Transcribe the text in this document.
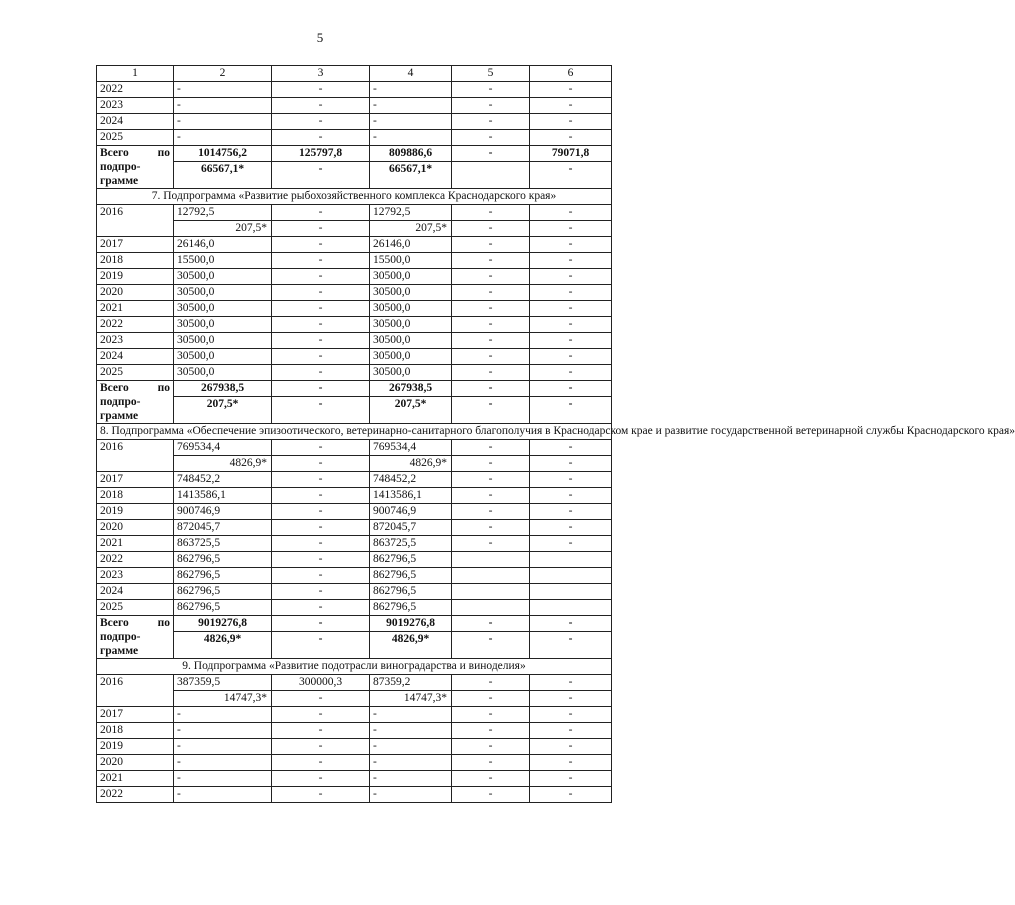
5
1	2	3	4	5	6
2022	-	-	-	-	-
2023	-	-	-	-	-
2024	-	-	-	-	-
2025	-	-	-	-	-

Всего по
подпро-
грамме	1014756,2	125797,8	809886,6	-	79071,8
	66567,1*	-	66567,1*		-

7. Подпрограмма «Развитие рыбохозяйственного комплекса Краснодарского края»					
2016	12792,5	-	12792,5	-	-
	207,5*	-	207,5*	-	-
2017	26146,0	-	26146,0	-	-
2018	15500,0	-	15500,0	-	-
2019	30500,0	-	30500,0	-	-
2020	30500,0	-	30500,0	-	-
2021	30500,0	-	30500,0	-	-
2022	30500,0	-	30500,0	-	-
2023	30500,0	-	30500,0	-	-
2024	30500,0	-	30500,0	-	-
2025	30500,0	-	30500,0	-	-

Всего по
подпро-
грамме	267938,5	-	267938,5	-	-
	207,5*	-	207,5*	-	-

8. Подпрограмма «Обеспечение эпизоотического, ветеринарно-санитарного благополучия в Краснодарском крае и развитие государственной ветеринарной службы Краснодарского края»					
2016	769534,4	-	769534,4	-	-
	4826,9*	-	4826,9*	-	-
2017	748452,2	-	748452,2	-	-
2018	1413586,1	-	1413586,1	-	-
2019	900746,9	-	900746,9	-	-
2020	872045,7	-	872045,7	-	-
2021	863725,5	-	863725,5	-	-
2022	862796,5	-	862796,5		
2023	862796,5	-	862796,5		
2024	862796,5	-	862796,5		
2025	862796,5	-	862796,5		

Всего по
подпро-
грамме	9019276,8	-	9019276,8	-	-
	4826,9*	-	4826,9*	-	-

9. Подпрограмма «Развитие подотрасли виноградарства и виноделия»					
2016	387359,5	300000,3	87359,2	-	-
	14747,3*	-	14747,3*	-	-
2017	-	-	-	-	-
2018	-	-	-	-	-
2019	-	-	-	-	-
2020	-	-	-	-	-
2021	-	-	-	-	-
2022	-	-	-	-	-
